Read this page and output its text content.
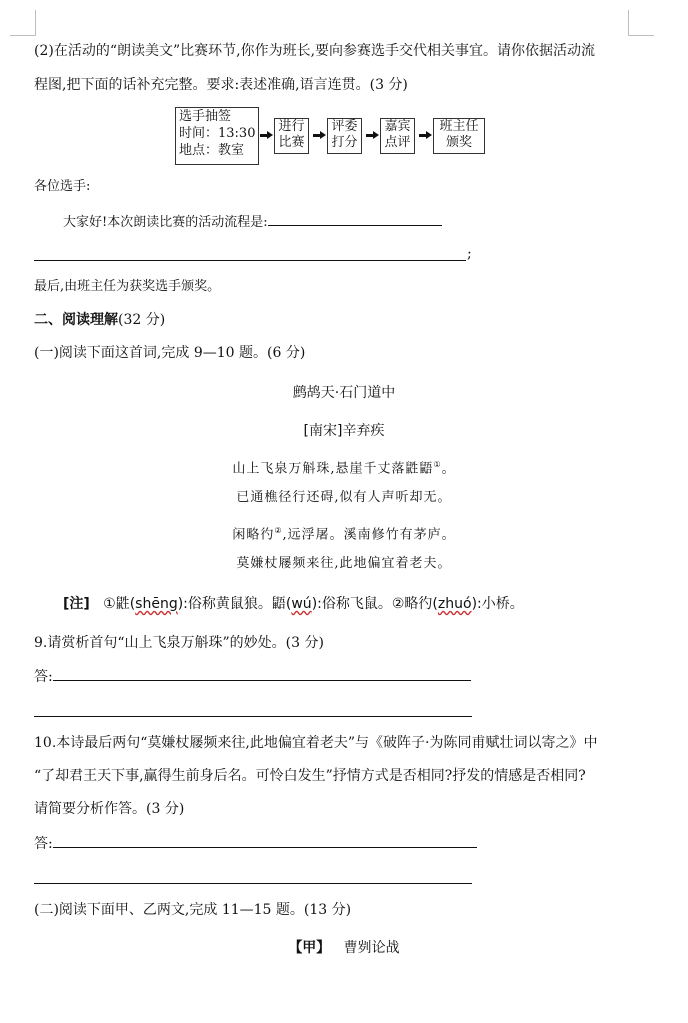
(2)在活动的“朗读美文”比赛环节,你作为班长,要向参赛选手交代相关事宜。请你依据活动流
程图,把下面的话补充完整。要求:表述准确,语言连贯。(3 分)
选手抽签
时间：13:30
地点：教室
进行
比赛
评委
打分
嘉宾
点评
班主任
颁奖
各位选手:
大家好!本次朗读比赛的活动流程是:
;
最后,由班主任为获奖选手颁奖。
二、阅读理解(32 分)
(一)阅读下面这首词,完成 9—10 题。(6 分)
鹧鸪天·石门道中
[南宋]辛弃疾
山上飞泉万斛珠,悬崖千丈落鼪鼯①。
已通樵径行还碍,似有人声听却无。
闲略彴②,远浮屠。溪南修竹有茅庐。
莫嫌杖屦频来往,此地偏宜着老夫。
[注] ①鼪(shēng):俗称黄鼠狼。鼯(wú):俗称飞鼠。②略彴(zhuó):小桥。
9.请赏析首句“山上飞泉万斛珠”的妙处。(3 分)
答:
10.本诗最后两句“莫嫌杖屦频来往,此地偏宜着老夫”与《破阵子·为陈同甫赋壮词以寄之》中
“了却君王天下事,赢得生前身后名。可怜白发生”抒情方式是否相同?抒发的情感是否相同?
请简要分析作答。(3 分)
答:
(二)阅读下面甲、乙两文,完成 11—15 题。(13 分)
【甲】 曹刿论战
